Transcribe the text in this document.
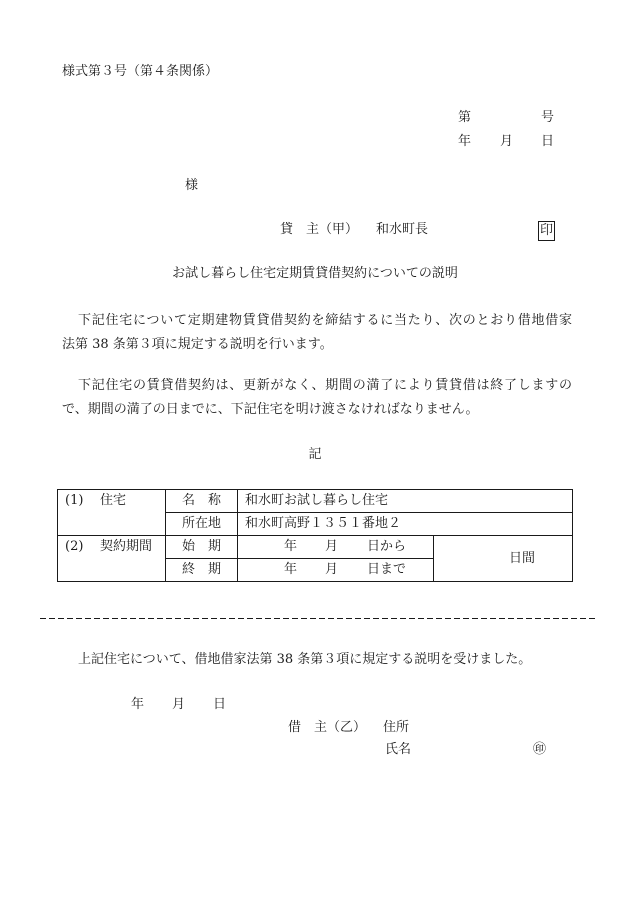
様式第３号（第４条関係）
第	号
年 月 日
様
貸　主（甲） 和水町長	印
お試し暮らし住宅定期賃貸借契約についての説明
下記住宅について定期建物賃貸借契約を締結するに当たり、次のとおり借地借家
法第 38 条第３項に規定する説明を行います。
下記住宅の賃貸借契約は、更新がなく、期間の満了により賃貸借は終了しますの
で、期間の満了の日までに、下記住宅を明け渡さなければなりません。
記
(1) 住宅	名　称	和水町お試し暮らし住宅	
	所在地	和水町高野１３５１番地２	
(2) 契約期間	始　期	年 月 日から	日間
	終　期	年 月 日まで	
上記住宅について、借地借家法第 38 条第３項に規定する説明を受けました。
年 月 日
借　主（乙） 住所
氏名	㊞
